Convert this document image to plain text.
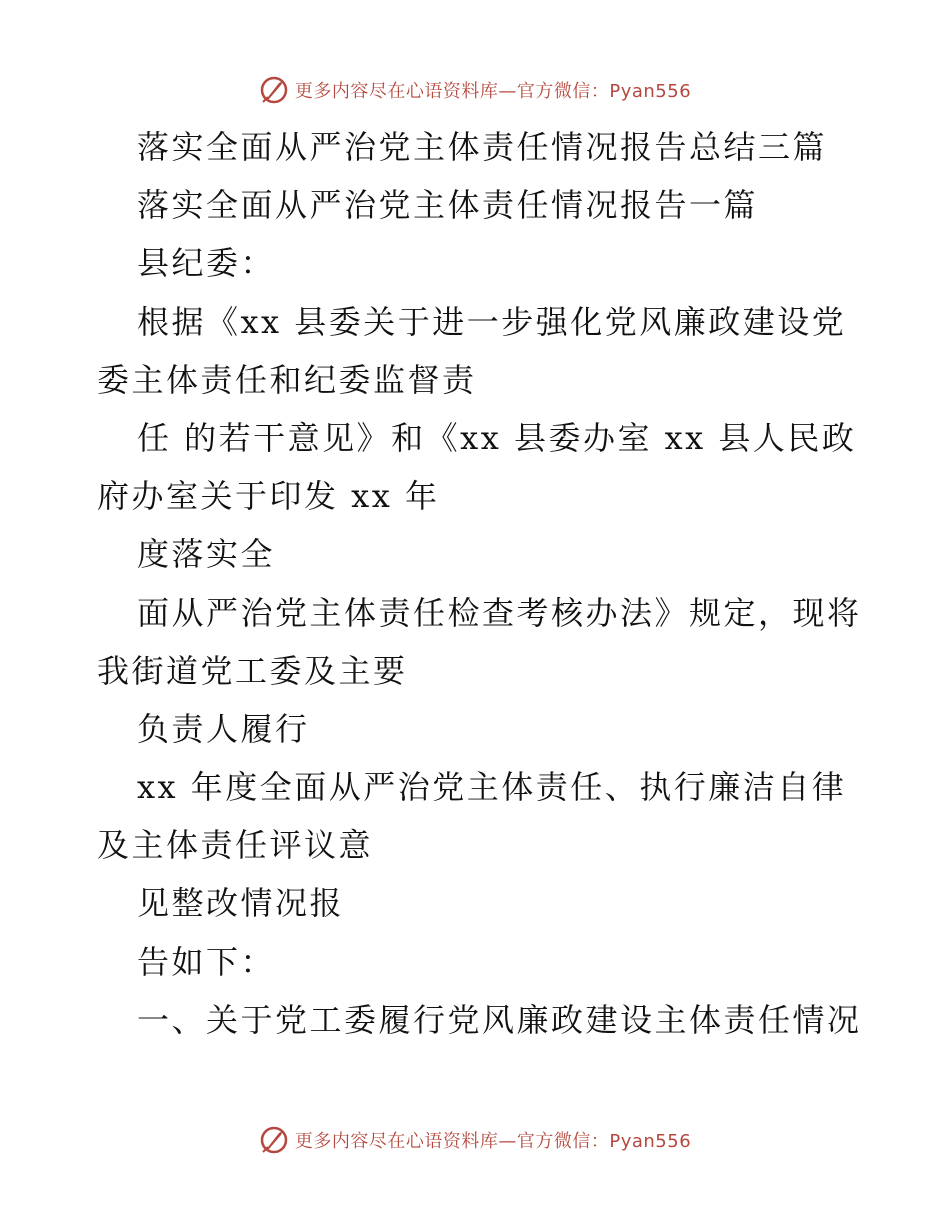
更多内容尽在心语资料库—官方微信：Pyan556
落实全面从严治党主体责任情况报告总结三篇
落实全面从严治党主体责任情况报告一篇
县纪委：
根据《xx 县委关于进一步强化党风廉政建设党
委主体责任和纪委监督责
任 的若干意见》和《xx 县委办室 xx 县人民政
府办室关于印发 xx 年
度落实全
面从严治党主体责任检查考核办法》规定，现将
我街道党工委及主要
负责人履行
xx 年度全面从严治党主体责任、执行廉洁自律
及主体责任评议意
见整改情况报
告如下：
一、关于党工委履行党风廉政建设主体责任情况
更多内容尽在心语资料库—官方微信：Pyan556
